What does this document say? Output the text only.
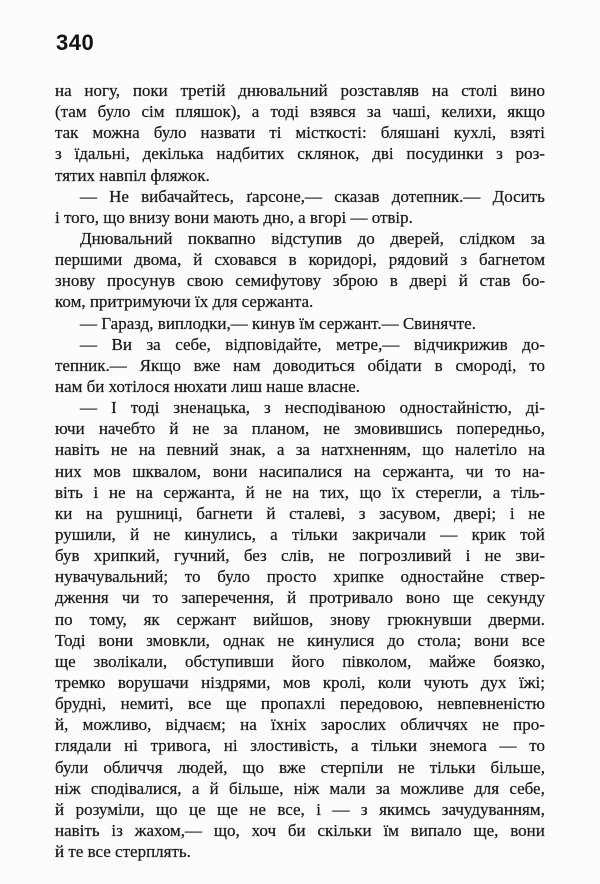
340
на ногу, поки третій днювальний розставляв на столі вино
(там було сім пляшок), а тоді взявся за чаші, келихи, якщо
так можна було назвати ті місткості: бляшані кухлі, взяті
з їдальні, декілька надбитих склянок, дві посудинки з роз-
тятих навпіл фляжок.
— Не вибачайтесь, ґарсоне,— сказав дотепник.— Досить
і того, що внизу вони мають дно, а вгорі — отвір.
Днювальний поквапно відступив до дверей, слідком за
першими двома, й сховався в коридорі, рядовий з багнетом
знову просунув свою семифутову зброю в двері й став бо-
ком, притримуючи їх для сержанта.
— Гаразд, виплодки,— кинув їм сержант.— Свинячте.
— Ви за себе, відповідайте, метре,— відчикрижив до-
тепник.— Якщо вже нам доводиться обідати в смороді, то
нам би хотілося нюхати лиш наше власне.
— І тоді зненацька, з несподіваною одностайністю, ді-
ючи начебто й не за планом, не змовившись попередньо,
навіть не на певний знак, а за натхненням, що налетіло на
них мов шквалом, вони насипалися на сержанта, чи то на-
віть і не на сержанта, й не на тих, що їх стерегли, а тіль-
ки на рушниці, багнети й сталеві, з засувом, двері; і не
рушили, й не кинулись, а тільки закричали — крик той
був хрипкий, гучний, без слів, не погрозливий і не зви-
нувачувальний; то було просто хрипке одностайне ствер-
дження чи то заперечення, й протривало воно ще секунду
по тому, як сержант вийшов, знову грюкнувши дверми.
Тоді вони змовкли, однак не кинулися до стола; вони все
ще зволікали, обступивши його півколом, майже боязко,
тремко ворушачи ніздрями, мов кролі, коли чують дух їжі;
брудні, немиті, все ще пропахлі передовою, невпевненістю
й, можливо, відчаєм; на їхніх зарослих обличчях не про-
глядали ні тривога, ні злостивість, а тільки знемога — то
були обличчя людей, що вже стерпіли не тільки більше,
ніж сподівалися, а й більше, ніж мали за можливе для себе,
й розуміли, що це ще не все, і — з якимсь зачудуванням,
навіть із жахом,— що, хоч би скільки їм випало ще, вони
й те все стерплять.
